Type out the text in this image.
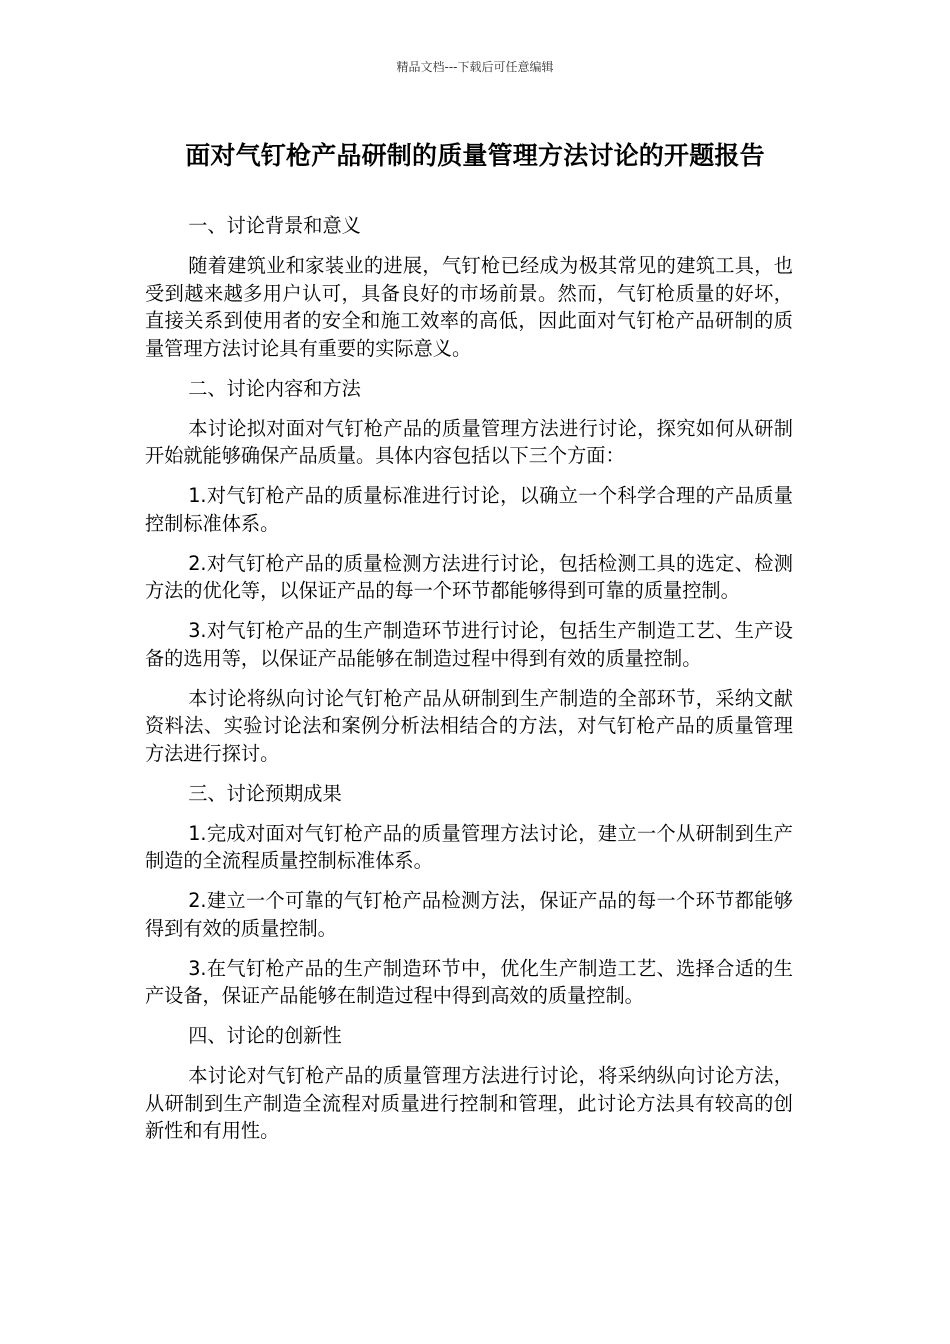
精品文档---下载后可任意编辑
面对气钉枪产品研制的质量管理方法讨论的开题报告

一、讨论背景和意义

随着建筑业和家装业的进展，气钉枪已经成为极其常见的建筑工具，也受到越来越多用户认可，具备良好的市场前景。然而，气钉枪质量的好坏，直接关系到使用者的安全和施工效率的高低，因此面对气钉枪产品研制的质量管理方法讨论具有重要的实际意义。

二、讨论内容和方法

本讨论拟对面对气钉枪产品的质量管理方法进行讨论，探究如何从研制开始就能够确保产品质量。具体内容包括以下三个方面：

1.对气钉枪产品的质量标准进行讨论，以确立一个科学合理的产品质量控制标准体系。

2.对气钉枪产品的质量检测方法进行讨论，包括检测工具的选定、检测方法的优化等，以保证产品的每一个环节都能够得到可靠的质量控制。

3.对气钉枪产品的生产制造环节进行讨论，包括生产制造工艺、生产设备的选用等，以保证产品能够在制造过程中得到有效的质量控制。

本讨论将纵向讨论气钉枪产品从研制到生产制造的全部环节，采纳文献资料法、实验讨论法和案例分析法相结合的方法，对气钉枪产品的质量管理方法进行探讨。

三、讨论预期成果

1.完成对面对气钉枪产品的质量管理方法讨论，建立一个从研制到生产制造的全流程质量控制标准体系。

2.建立一个可靠的气钉枪产品检测方法，保证产品的每一个环节都能够得到有效的质量控制。

3.在气钉枪产品的生产制造环节中，优化生产制造工艺、选择合适的生产设备，保证产品能够在制造过程中得到高效的质量控制。

四、讨论的创新性

本讨论对气钉枪产品的质量管理方法进行讨论，将采纳纵向讨论方法，从研制到生产制造全流程对质量进行控制和管理，此讨论方法具有较高的创新性和有用性。
